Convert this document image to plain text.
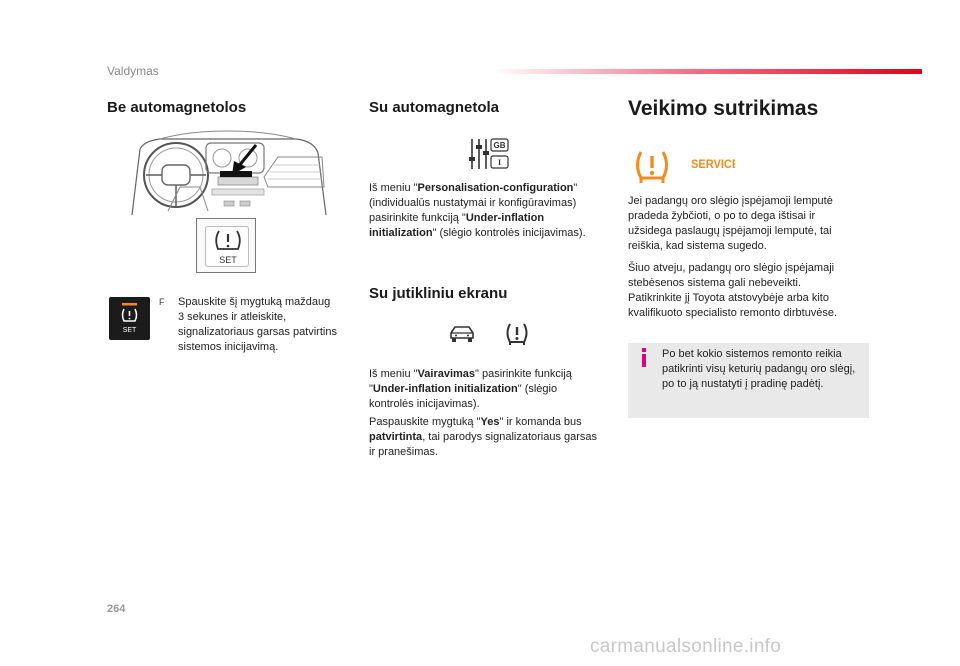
Valdymas
Be automagnetolos
SET
SET
F Spauskite šį mygtuką maždaug
3 sekunes ir atleiskite,
signalizatoriaus garsas patvirtins
sistemos inicijavimą.
Su automagnetola
GB
I
Iš meniu "Personalisation-configuration"
(individualūs nustatymai ir konfigūravimas)
pasirinkite funkciją "Under-inflation
initialization" (slėgio kontrolės inicijavimas).
Su jutikliniu ekranu
Iš meniu "Vairavimas" pasirinkite funkciją
"Under-inflation initialization" (slėgio
kontrolės inicijavimas).
Paspauskite mygtuką "Yes" ir komanda bus
patvirtinta, tai parodys signalizatoriaus garsas
ir pranešimas.
Veikimo sutrikimas
SERVICE
Jei padangų oro slėgio įspėjamoji lemputė
pradeda žybčioti, o po to dega ištisai ir
užsidega paslaugų įspėjamoji lemputė, tai
reiškia, kad sistema sugedo.
Šiuo atveju, padangų oro slėgio įspėjamaji
stebėsenos sistema gali nebeveikti.
Patikrinkite jį Toyota atstovybėje arba kito
kvalifikuoto specialisto remonto dirbtuvėse.
Po bet kokio sistemos remonto reikia
patikrinti visų keturių padangų oro slėgį,
po to ją nustatyti į pradinę padėtį.
264
carmanualsonline.info
